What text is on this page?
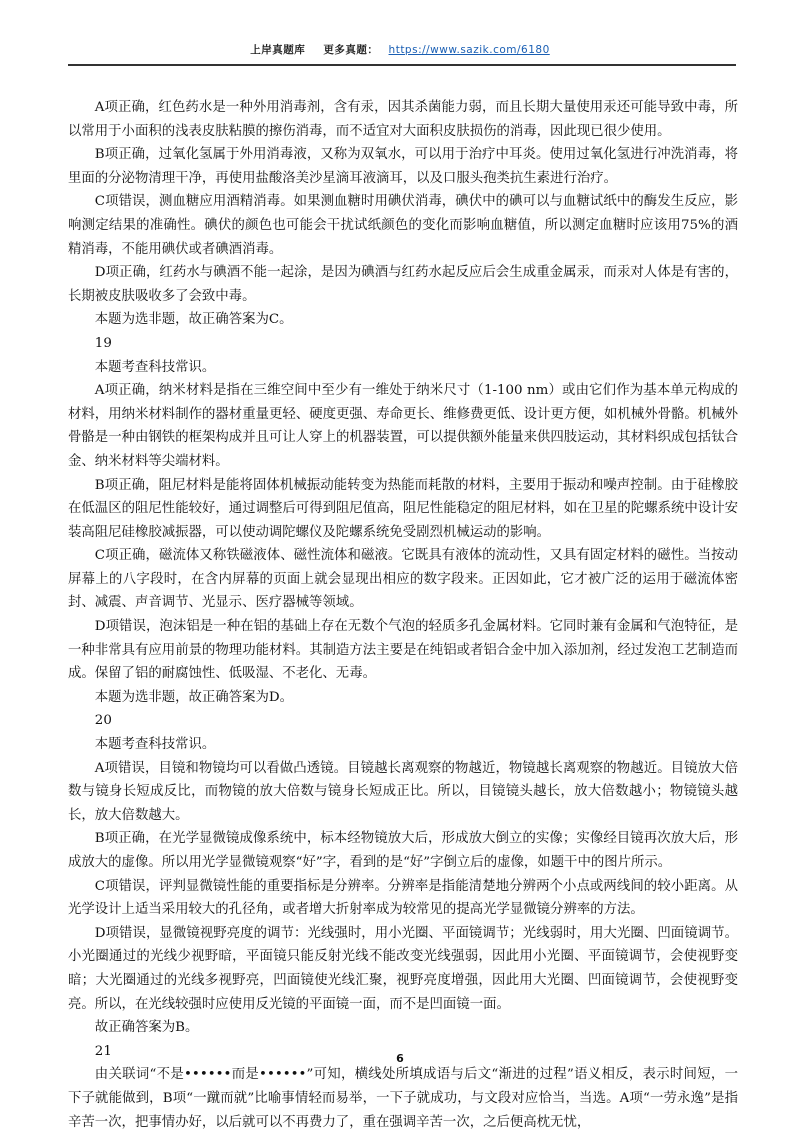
上岸真题库 更多真题： https://www.sazik.com/6180

A项正确，红色药水是一种外用消毒剂，含有汞，因其杀菌能力弱，而且长期大量使用汞还可能导致中毒，所以常用于小面积的浅表皮肤粘膜的擦伤消毒，而不适宜对大面积皮肤损伤的消毒，因此现已很少使用。

B项正确，过氧化氢属于外用消毒液，又称为双氧水，可以用于治疗中耳炎。使用过氧化氢进行冲洗消毒，将里面的分泌物清理干净，再使用盐酸洛美沙星滴耳液滴耳，以及口服头孢类抗生素进行治疗。

C项错误，测血糖应用酒精消毒。如果测血糖时用碘伏消毒，碘伏中的碘可以与血糖试纸中的酶发生反应，影响测定结果的准确性。碘伏的颜色也可能会干扰试纸颜色的变化而影响血糖值，所以测定血糖时应该用75%的酒精消毒，不能用碘伏或者碘酒消毒。

D项正确，红药水与碘酒不能一起涂，是因为碘酒与红药水起反应后会生成重金属汞，而汞对人体是有害的，长期被皮肤吸收多了会致中毒。

本题为选非题，故正确答案为C。

19

本题考查科技常识。

A项正确，纳米材料是指在三维空间中至少有一维处于纳米尺寸（1-100 nm）或由它们作为基本单元构成的材料，用纳米材料制作的器材重量更轻、硬度更强、寿命更长、维修费更低、设计更方便，如机械外骨骼。机械外骨骼是一种由钢铁的框架构成并且可让人穿上的机器装置，可以提供额外能量来供四肢运动，其材料织成包括钛合金、纳米材料等尖端材料。

B项正确，阻尼材料是能将固体机械振动能转变为热能而耗散的材料，主要用于振动和噪声控制。由于硅橡胶在低温区的阻尼性能较好，通过调整后可得到阻尼值高，阻尼性能稳定的阻尼材料，如在卫星的陀螺系统中设计安装高阻尼硅橡胶减振器，可以使动调陀螺仪及陀螺系统免受剧烈机械运动的影响。

C项正确，磁流体又称铁磁液体、磁性流体和磁液。它既具有液体的流动性，又具有固定材料的磁性。当按动屏幕上的八字段时，在含内屏幕的页面上就会显现出相应的数字段来。正因如此，它才被广泛的运用于磁流体密封、减震、声音调节、光显示、医疗器械等领域。

D项错误，泡沫铝是一种在铝的基础上存在无数个气泡的轻质多孔金属材料。它同时兼有金属和气泡特征，是一种非常具有应用前景的物理功能材料。其制造方法主要是在纯铝或者铝合金中加入添加剂，经过发泡工艺制造而成。保留了铝的耐腐蚀性、低吸湿、不老化、无毒。

本题为选非题，故正确答案为D。

20

本题考查科技常识。

A项错误，目镜和物镜均可以看做凸透镜。目镜越长离观察的物越近，物镜越长离观察的物越近。目镜放大倍数与镜身长短成反比，而物镜的放大倍数与镜身长短成正比。所以，目镜镜头越长，放大倍数越小；物镜镜头越长，放大倍数越大。

B项正确，在光学显微镜成像系统中，标本经物镜放大后，形成放大倒立的实像；实像经目镜再次放大后，形成放大的虚像。所以用光学显微镜观察“好”字，看到的是“好”字倒立后的虚像，如题干中的图片所示。

C项错误，评判显微镜性能的重要指标是分辨率。分辨率是指能清楚地分辨两个小点或两线间的较小距离。从光学设计上适当采用较大的孔径角，或者增大折射率成为较常见的提高光学显微镜分辨率的方法。

D项错误，显微镜视野亮度的调节：光线强时，用小光圈、平面镜调节；光线弱时，用大光圈、凹面镜调节。小光圈通过的光线少视野暗，平面镜只能反射光线不能改变光线强弱，因此用小光圈、平面镜调节，会使视野变暗；大光圈通过的光线多视野亮，凹面镜使光线汇聚，视野亮度增强，因此用大光圈、凹面镜调节，会使视野变亮。所以，在光线较强时应使用反光镜的平面镜一面，而不是凹面镜一面。

故正确答案为B。

21

由关联词“不是••••••而是••••••”可知，横线处所填成语与后文“渐进的过程”语义相反，表示时间短，一下子就能做到，B项“一蹴而就”比喻事情轻而易举，一下子就成功，与文段对应恰当，当选。A项“一劳永逸”是指辛苦一次，把事情办好，以后就可以不再费力了，重在强调辛苦一次，之后便高枕无忧，

6
